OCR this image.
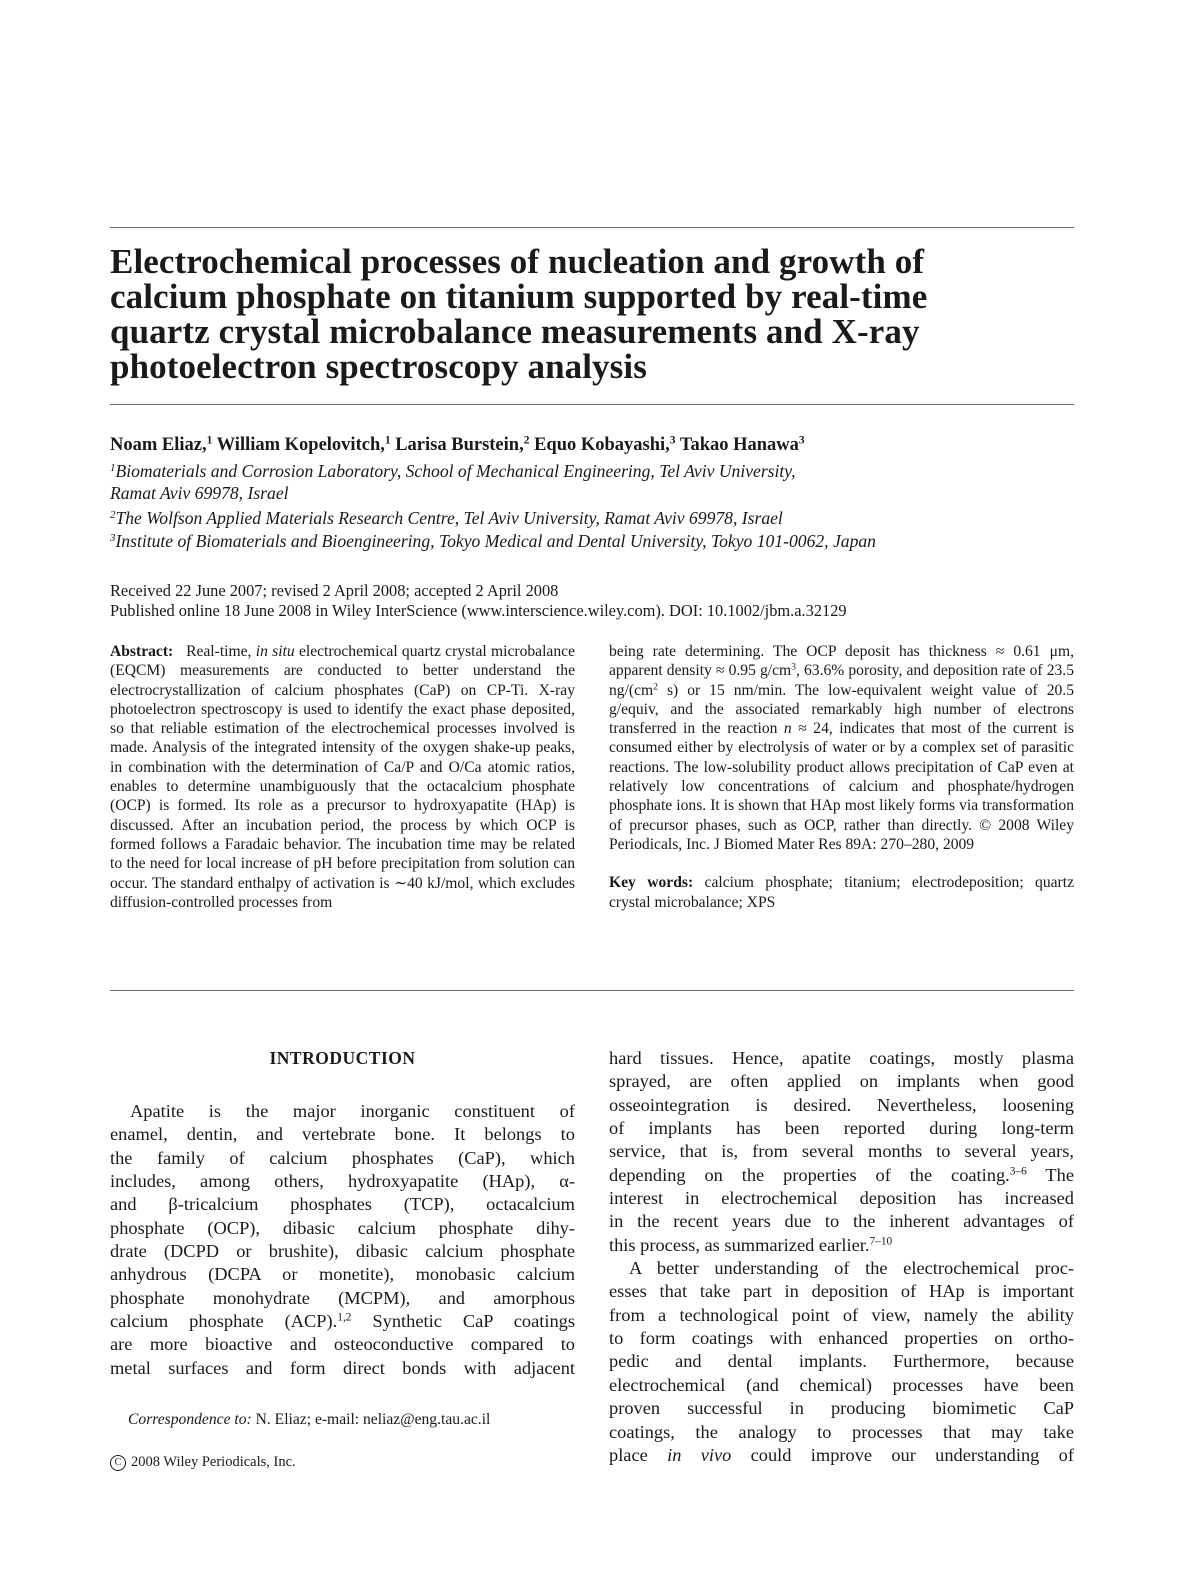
Electrochemical processes of nucleation and growth of
calcium phosphate on titanium supported by real-time
quartz crystal microbalance measurements and X-ray
photoelectron spectroscopy analysis
Noam Eliaz,$^1$ William Kopelovitch,$^1$ Larisa Burstein,$^2$ Equo Kobayashi,$^3$ Takao Hanawa$^3$
$^1$Biomaterials and Corrosion Laboratory, School of Mechanical Engineering, Tel Aviv University,
Ramat Aviv 69978, Israel
$^2$The Wolfson Applied Materials Research Centre, Tel Aviv University, Ramat Aviv 69978, Israel
$^3$Institute of Biomaterials and Bioengineering, Tokyo Medical and Dental University, Tokyo 101-0062, Japan
Received 22 June 2007; revised 2 April 2008; accepted 2 April 2008
Published online 18 June 2008 in Wiley InterScience (www.interscience.wiley.com). DOI: 10.1002/jbm.a.32129

Abstract: Real-time, in situ electrochemical quartz crystal microbalance (EQCM) measurements are conducted to better understand the electrocrystallization of calcium phosphates (CaP) on CP-Ti. X-ray photoelectron spectroscopy is used to identify the exact phase deposited, so that reliable estimation of the electrochemical processes involved is made. Analysis of the integrated intensity of the oxygen shake-up peaks, in combination with the determination of Ca/P and O/Ca atomic ratios, enables to determine unambiguously that the octacalcium phosphate (OCP) is formed. Its role as a precursor to hydroxyapatite (HAp) is discussed. After an incubation period, the process by which OCP is formed follows a Faradaic behavior. The incubation time may be related to the need for local increase of pH before precipitation from solution can occur. The standard enthalpy of activation is ∼40 kJ/mol, which excludes diffusion-controlled processes from

being rate determining. The OCP deposit has thickness ≈ 0.61 μm, apparent density ≈ 0.95 $g/cm^3$, 63.6% porosity, and deposition rate of 23.5 $ng/(cm^2$ s) or 15 nm/min. The low-equivalent weight value of 20.5 g/equiv, and the associated remarkably high number of electrons transferred in the reaction n ≈ 24, indicates that most of the current is consumed either by electrolysis of water or by a complex set of parasitic reactions. The low-solubility product allows precipitation of CaP even at relatively low concentrations of calcium and phosphate/hydrogen phosphate ions. It is shown that HAp most likely forms via transformation of precursor phases, such as OCP, rather than directly. © 2008 Wiley Periodicals, Inc. J Biomed Mater Res 89A: 270–280, 2009

Key words: calcium phosphate; titanium; electrodeposition; quartz crystal microbalance; XPS

INTRODUCTION
Apatite is the major inorganic constituent of
enamel, dentin, and vertebrate bone. It belongs to
the family of calcium phosphates (CaP), which
includes, among others, hydroxyapatite (HAp), α-
and β-tricalcium phosphates (TCP), octacalcium
phosphate (OCP), dibasic calcium phosphate dihy-
drate (DCPD or brushite), dibasic calcium phosphate
anhydrous (DCPA or monetite), monobasic calcium
phosphate monohydrate (MCPM), and amorphous
calcium phosphate (ACP).$^{1,2}$ Synthetic CaP coatings
are more bioactive and osteoconductive compared to
metal surfaces and form direct bonds with adjacent
Correspondence to: N. Eliaz; e-mail: neliaz@eng.tau.ac.il
C 2008 Wiley Periodicals, Inc.
hard tissues. Hence, apatite coatings, mostly plasma
sprayed, are often applied on implants when good
osseointegration is desired. Nevertheless, loosening
of implants has been reported during long-term
service, that is, from several months to several years,
depending on the properties of the coating.$^{3-6}$ The
interest in electrochemical deposition has increased
in the recent years due to the inherent advantages of
this process, as summarized earlier.$^{7-10}$
A better understanding of the electrochemical proc-
esses that take part in deposition of HAp is important
from a technological point of view, namely the ability
to form coatings with enhanced properties on ortho-
pedic and dental implants. Furthermore, because
electrochemical (and chemical) processes have been
proven successful in producing biomimetic CaP
coatings, the analogy to processes that may take
place in vivo could improve our understanding of
